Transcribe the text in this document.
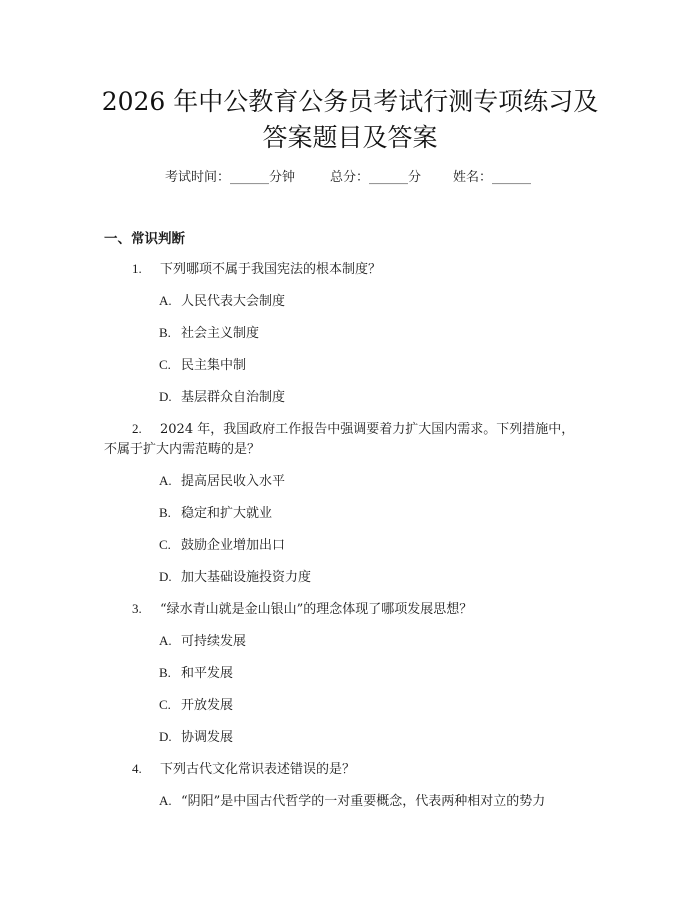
2026 年中公教育公务员考试行测专项练习及
答案题目及答案
考试时间：______分钟	总分：______分 姓名：______
一、常识判断
1. 下列哪项不属于我国宪法的根本制度？
A. 人民代表大会制度
B. 社会主义制度
C. 民主集中制
D. 基层群众自治制度
2. 2024 年，我国政府工作报告中强调要着力扩大国内需求。下列措施中，
不属于扩大内需范畴的是？
A. 提高居民收入水平
B. 稳定和扩大就业
C. 鼓励企业增加出口
D. 加大基础设施投资力度
3. “绿水青山就是金山银山”的理念体现了哪项发展思想？
A. 可持续发展
B. 和平发展
C. 开放发展
D. 协调发展
4. 下列古代文化常识表述错误的是？
A. “阴阳”是中国古代哲学的一对重要概念，代表两种相对立的势力
